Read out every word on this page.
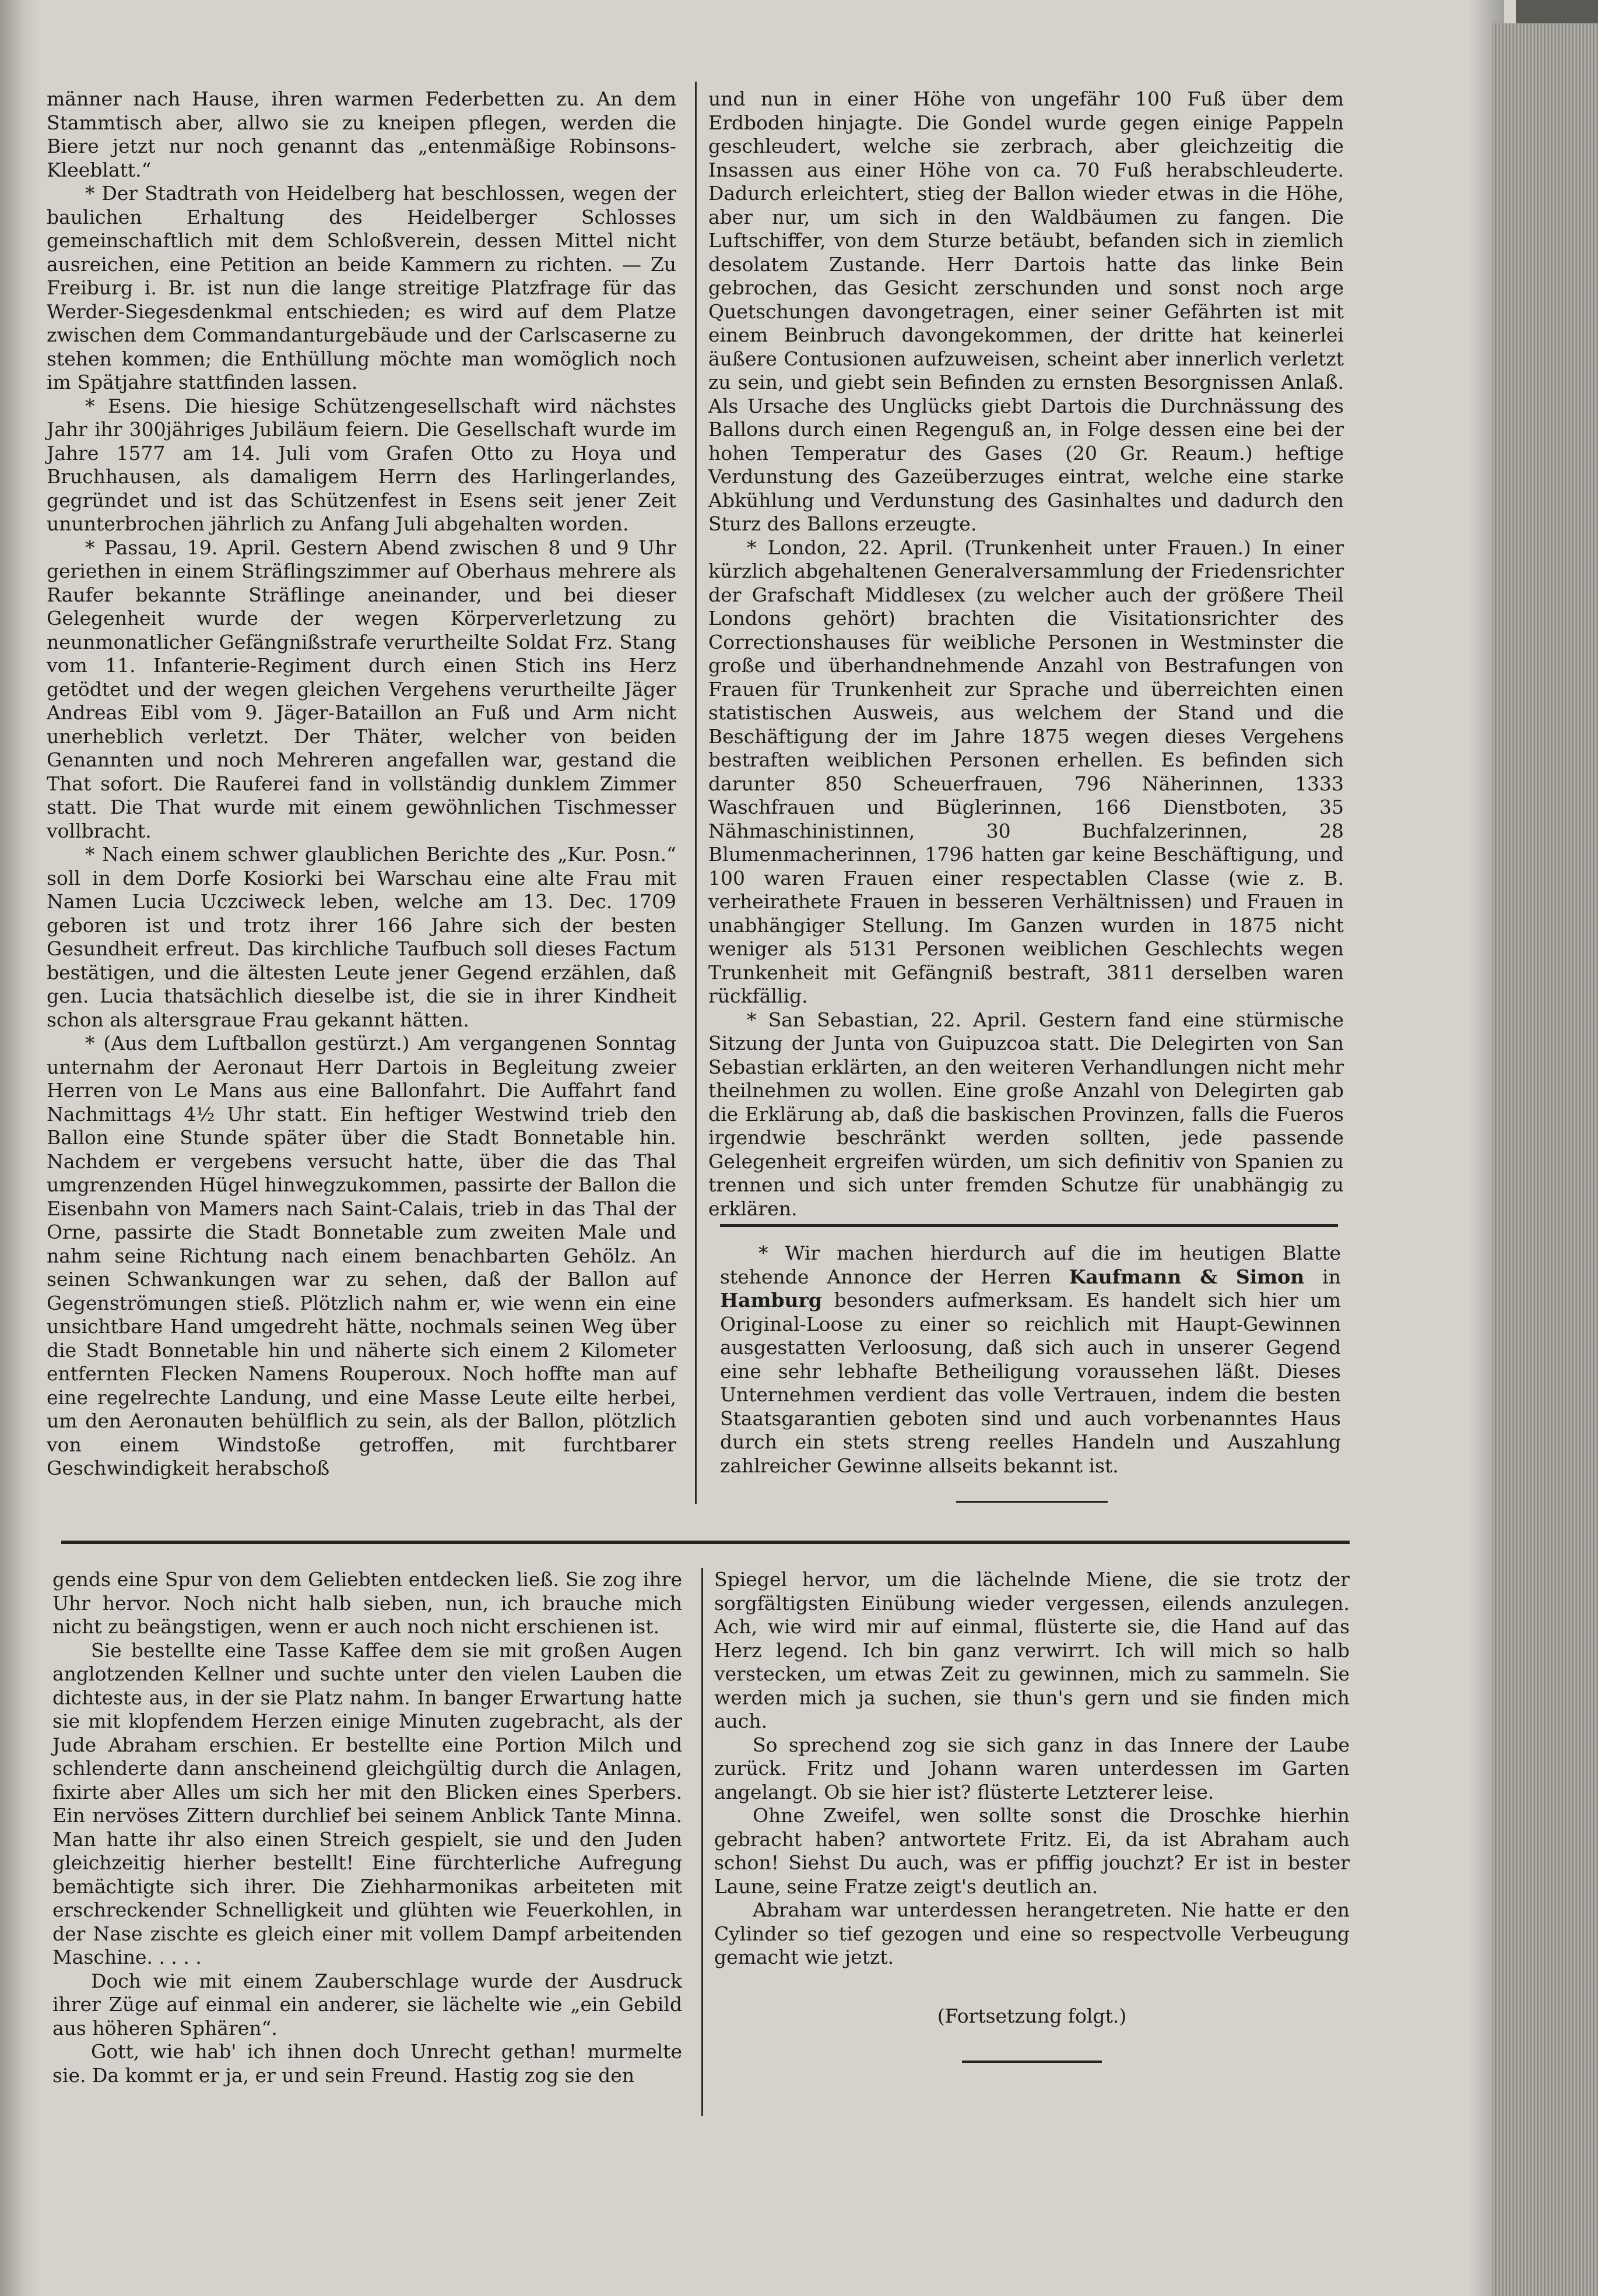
männer nach Hause, ihren warmen Federbetten zu. An dem Stammtisch aber, allwo sie zu kneipen pflegen, werden die Biere jetzt nur noch genannt das „entenmäßige Robinsons-Kleeblatt.“

* Der Stadtrath von Heidelberg hat beschlossen, wegen der baulichen Erhaltung des Heidelberger Schlosses gemeinschaftlich mit dem Schloßverein, dessen Mittel nicht ausreichen, eine Petition an beide Kammern zu richten. — Zu Freiburg i. Br. ist nun die lange streitige Platzfrage für das Werder-Siegesdenkmal entschieden; es wird auf dem Platze zwischen dem Commandanturgebäude und der Carlscaserne zu stehen kommen; die Enthüllung möchte man womöglich noch im Spätjahre stattfinden lassen.

* Esens. Die hiesige Schützengesellschaft wird nächstes Jahr ihr 300jähriges Jubiläum feiern. Die Gesellschaft wurde im Jahre 1577 am 14. Juli vom Grafen Otto zu Hoya und Bruchhausen, als damaligem Herrn des Harlingerlandes, gegründet und ist das Schützenfest in Esens seit jener Zeit ununterbrochen jährlich zu Anfang Juli abgehalten worden.

* Passau, 19. April. Gestern Abend zwischen 8 und 9 Uhr geriethen in einem Sträflingszimmer auf Oberhaus mehrere als Raufer bekannte Sträflinge aneinander, und bei dieser Gelegenheit wurde der wegen Körperverletzung zu neunmonatlicher Gefängnißstrafe verurtheilte Soldat Frz. Stang vom 11. Infanterie-Regiment durch einen Stich ins Herz getödtet und der wegen gleichen Vergehens verurtheilte Jäger Andreas Eibl vom 9. Jäger-Bataillon an Fuß und Arm nicht unerheblich verletzt. Der Thäter, welcher von beiden Genannten und noch Mehreren angefallen war, gestand die That sofort. Die Rauferei fand in vollständig dunklem Zimmer statt. Die That wurde mit einem gewöhnlichen Tischmesser vollbracht.

* Nach einem schwer glaublichen Berichte des „Kur. Posn.“ soll in dem Dorfe Kosiorki bei Warschau eine alte Frau mit Namen Lucia Uczciweck leben, welche am 13. Dec. 1709 geboren ist und trotz ihrer 166 Jahre sich der besten Gesundheit erfreut. Das kirchliche Taufbuch soll dieses Factum bestätigen, und die ältesten Leute jener Gegend erzählen, daß gen. Lucia thatsächlich dieselbe ist, die sie in ihrer Kindheit schon als altersgraue Frau gekannt hätten.

* (Aus dem Luftballon gestürzt.) Am vergangenen Sonntag unternahm der Aeronaut Herr Dartois in Begleitung zweier Herren von Le Mans aus eine Ballonfahrt. Die Auffahrt fand Nachmittags 4½ Uhr statt. Ein heftiger Westwind trieb den Ballon eine Stunde später über die Stadt Bonnetable hin. Nachdem er vergebens versucht hatte, über die das Thal umgrenzenden Hügel hinwegzukommen, passirte der Ballon die Eisenbahn von Mamers nach Saint-Calais, trieb in das Thal der Orne, passirte die Stadt Bonnetable zum zweiten Male und nahm seine Richtung nach einem benachbarten Gehölz. An seinen Schwankungen war zu sehen, daß der Ballon auf Gegenströmungen stieß. Plötzlich nahm er, wie wenn ein eine unsichtbare Hand umgedreht hätte, nochmals seinen Weg über die Stadt Bonnetable hin und näherte sich einem 2 Kilometer entfernten Flecken Namens Rouperoux. Noch hoffte man auf eine regelrechte Landung, und eine Masse Leute eilte herbei, um den Aeronauten behülflich zu sein, als der Ballon, plötzlich von einem Windstoße getroffen, mit furchtbarer Geschwindigkeit herabschoß

und nun in einer Höhe von ungefähr 100 Fuß über dem Erdboden hinjagte. Die Gondel wurde gegen einige Pappeln geschleudert, welche sie zerbrach, aber gleichzeitig die Insassen aus einer Höhe von ca. 70 Fuß herabschleuderte. Dadurch erleichtert, stieg der Ballon wieder etwas in die Höhe, aber nur, um sich in den Waldbäumen zu fangen. Die Luftschiffer, von dem Sturze betäubt, befanden sich in ziemlich desolatem Zustande. Herr Dartois hatte das linke Bein gebrochen, das Gesicht zerschunden und sonst noch arge Quetschungen davongetragen, einer seiner Gefährten ist mit einem Beinbruch davongekommen, der dritte hat keinerlei äußere Contusionen aufzuweisen, scheint aber innerlich verletzt zu sein, und giebt sein Befinden zu ernsten Besorgnissen Anlaß. Als Ursache des Unglücks giebt Dartois die Durchnässung des Ballons durch einen Regenguß an, in Folge dessen eine bei der hohen Temperatur des Gases (20 Gr. Reaum.) heftige Verdunstung des Gazeüberzuges eintrat, welche eine starke Abkühlung und Verdunstung des Gasinhaltes und dadurch den Sturz des Ballons erzeugte.

* London, 22. April. (Trunkenheit unter Frauen.) In einer kürzlich abgehaltenen Generalversammlung der Friedensrichter der Grafschaft Middlesex (zu welcher auch der größere Theil Londons gehört) brachten die Visitationsrichter des Correctionshauses für weibliche Personen in Westminster die große und überhandnehmende Anzahl von Bestrafungen von Frauen für Trunkenheit zur Sprache und überreichten einen statistischen Ausweis, aus welchem der Stand und die Beschäftigung der im Jahre 1875 wegen dieses Vergehens bestraften weiblichen Personen erhellen. Es befinden sich darunter 850 Scheuerfrauen, 796 Näherinnen, 1333 Waschfrauen und Büglerinnen, 166 Dienstboten, 35 Nähmaschinistinnen, 30 Buchfalzerinnen, 28 Blumenmacherinnen, 1796 hatten gar keine Beschäftigung, und 100 waren Frauen einer respectablen Classe (wie z. B. verheirathete Frauen in besseren Verhältnissen) und Frauen in unabhängiger Stellung. Im Ganzen wurden in 1875 nicht weniger als 5131 Personen weiblichen Geschlechts wegen Trunkenheit mit Gefängniß bestraft, 3811 derselben waren rückfällig.

* San Sebastian, 22. April. Gestern fand eine stürmische Sitzung der Junta von Guipuzcoa statt. Die Delegirten von San Sebastian erklärten, an den weiteren Verhandlungen nicht mehr theilnehmen zu wollen. Eine große Anzahl von Delegirten gab die Erklärung ab, daß die baskischen Provinzen, falls die Fueros irgendwie beschränkt werden sollten, jede passende Gelegenheit ergreifen würden, um sich definitiv von Spanien zu trennen und sich unter fremden Schutze für unabhängig zu erklären.

* Wir machen hierdurch auf die im heutigen Blatte stehende Annonce der Herren Kaufmann & Simon in Hamburg besonders aufmerksam. Es handelt sich hier um Original-Loose zu einer so reichlich mit Haupt-Gewinnen ausgestatten Verloosung, daß sich auch in unserer Gegend eine sehr lebhafte Betheiligung voraussehen läßt. Dieses Unternehmen verdient das volle Vertrauen, indem die besten Staatsgarantien geboten sind und auch vorbenanntes Haus durch ein stets streng reelles Handeln und Auszahlung zahlreicher Gewinne allseits bekannt ist.

gends eine Spur von dem Geliebten entdecken ließ. Sie zog ihre Uhr hervor. Noch nicht halb sieben, nun, ich brauche mich nicht zu beängstigen, wenn er auch noch nicht erschienen ist.

Sie bestellte eine Tasse Kaffee dem sie mit großen Augen anglotzenden Kellner und suchte unter den vielen Lauben die dichteste aus, in der sie Platz nahm. In banger Erwartung hatte sie mit klopfendem Herzen einige Minuten zugebracht, als der Jude Abraham erschien. Er bestellte eine Portion Milch und schlenderte dann anscheinend gleichgültig durch die Anlagen, fixirte aber Alles um sich her mit den Blicken eines Sperbers. Ein nervöses Zittern durchlief bei seinem Anblick Tante Minna. Man hatte ihr also einen Streich gespielt, sie und den Juden gleichzeitig hierher bestellt! Eine fürchterliche Aufregung bemächtigte sich ihrer. Die Ziehharmonikas arbeiteten mit erschreckender Schnelligkeit und glühten wie Feuerkohlen, in der Nase zischte es gleich einer mit vollem Dampf arbeitenden Maschine. . . . .

Doch wie mit einem Zauberschlage wurde der Ausdruck ihrer Züge auf einmal ein anderer, sie lächelte wie „ein Gebild aus höheren Sphären“.

Gott, wie hab' ich ihnen doch Unrecht gethan! murmelte sie. Da kommt er ja, er und sein Freund. Hastig zog sie den

Spiegel hervor, um die lächelnde Miene, die sie trotz der sorgfältigsten Einübung wieder vergessen, eilends anzulegen. Ach, wie wird mir auf einmal, flüsterte sie, die Hand auf das Herz legend. Ich bin ganz verwirrt. Ich will mich so halb verstecken, um etwas Zeit zu gewinnen, mich zu sammeln. Sie werden mich ja suchen, sie thun's gern und sie finden mich auch.

So sprechend zog sie sich ganz in das Innere der Laube zurück. Fritz und Johann waren unterdessen im Garten angelangt. Ob sie hier ist? flüsterte Letzterer leise.

Ohne Zweifel, wen sollte sonst die Droschke hierhin gebracht haben? antwortete Fritz. Ei, da ist Abraham auch schon! Siehst Du auch, was er pfiffig jouchzt? Er ist in bester Laune, seine Fratze zeigt's deutlich an.

Abraham war unterdessen herangetreten. Nie hatte er den Cylinder so tief gezogen und eine so respectvolle Verbeugung gemacht wie jetzt.

(Fortsetzung folgt.)
